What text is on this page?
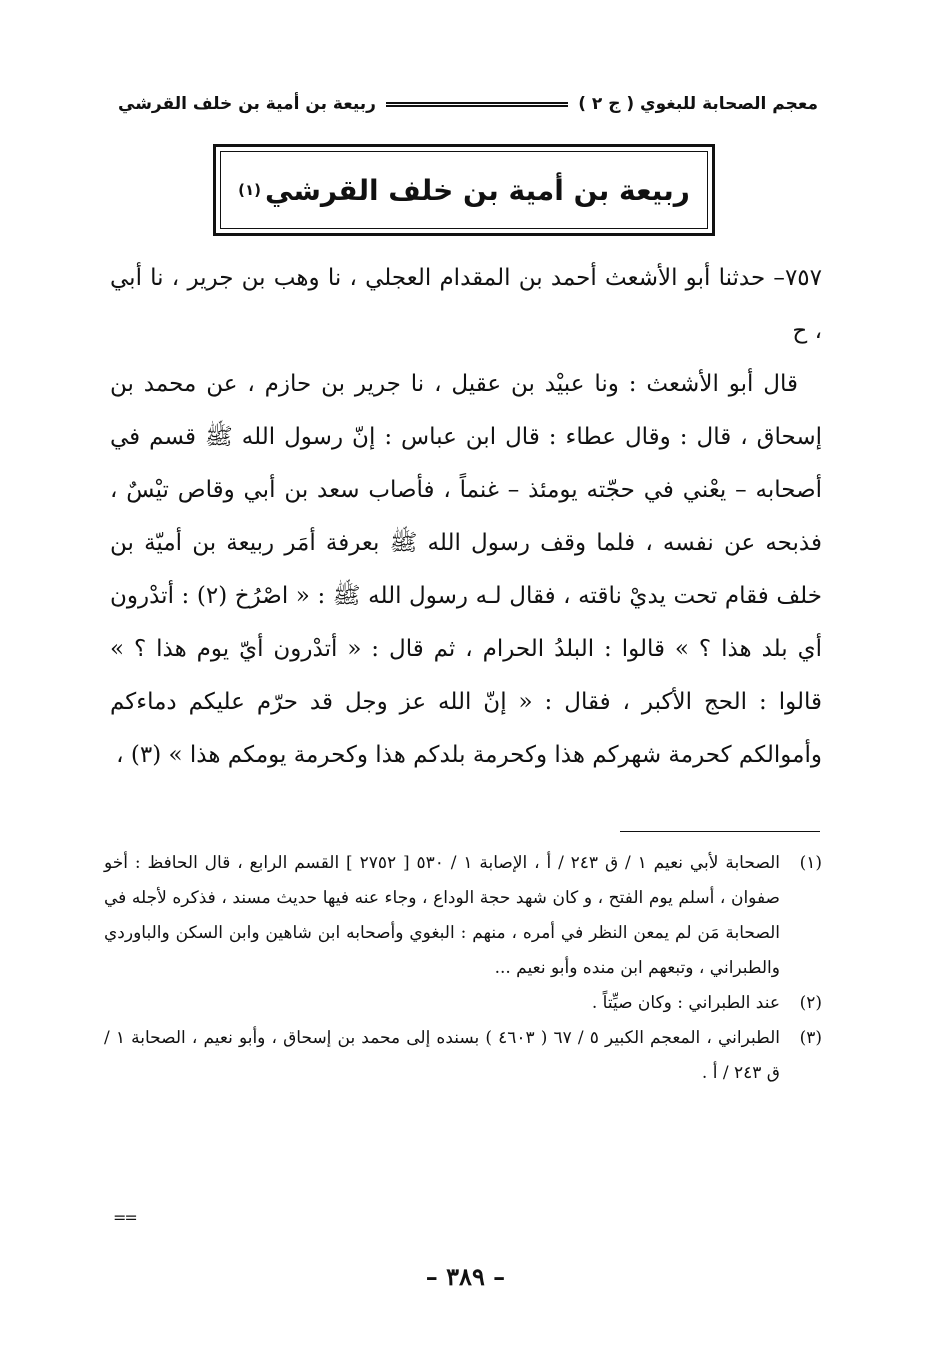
معجم الصحابة للبغوي ( ج ٢ )
ربيعة بن أمية بن خلف القرشي
ربيعة بن أمية بن خلف القرشي
(١)

٧٥٧– حدثنا أبو الأشعث أحمد بن المقدام العجلي ، نا وهب بن جرير ، نا أبي ، ح

قال أبو الأشعث : ونا عبيْد بن عقيل ، نا جرير بن حازم ، عن محمد بن إسحاق ، قال : وقال عطاء : قال ابن عباس : إنّ رسول الله ﷺ قسم في أصحابه – يعْني في حجّته يومئذ – غنماً ، فأصاب سعد بن أبي وقاص تيْسٌ ، فذبحه عن نفسه ، فلما وقف رسول الله ﷺ بعرفة أمَر ربيعة بن أميّة بن خلف فقام تحت يديْ ناقته ، فقال لـه رسول الله ﷺ : « اصْرُخ (٢) : أتدْرون أي بلد هذا ؟ » قالوا : البلدُ الحرام ، ثم قال : « أتدْرون أيّ يوم هذا ؟ » قالوا : الحج الأكبر ، فقال : « إنّ الله عز وجل قد حرّم عليكم دماءكم وأموالكم كحرمة شهركم هذا وكحرمة بلدكم هذا وكحرمة يومكم هذا » (٣) ،

(١)
الصحابة لأبي نعيم ١ / ق ٢٤٣ / أ ، الإصابة ١ / ٥٣٠ [ ٢٧٥٢ ] القسم الرابع ، قال الحافظ : أخو صفوان ، أسلم يوم الفتح ، و كان شهد حجة الوداع ، وجاء عنه فيها حديث مسند ، فذكره لأجله في الصحابة مَن لم يمعن النظر في أمره ، منهم : البغوي وأصحابه ابن شاهين وابن السكن والباوردي والطبراني ، وتبعهم ابن منده وأبو نعيم ...
(٢)
عند الطبراني : وكان صيِّتاً .
(٣)
الطبراني ، المعجم الكبير ٥ / ٦٧ ( ٤٦٠٣ ) بسنده إلى محمد بن إسحاق ، وأبو نعيم ، الصحابة ١ / ق ٢٤٣ / أ .
==
– ٣٨٩ –
